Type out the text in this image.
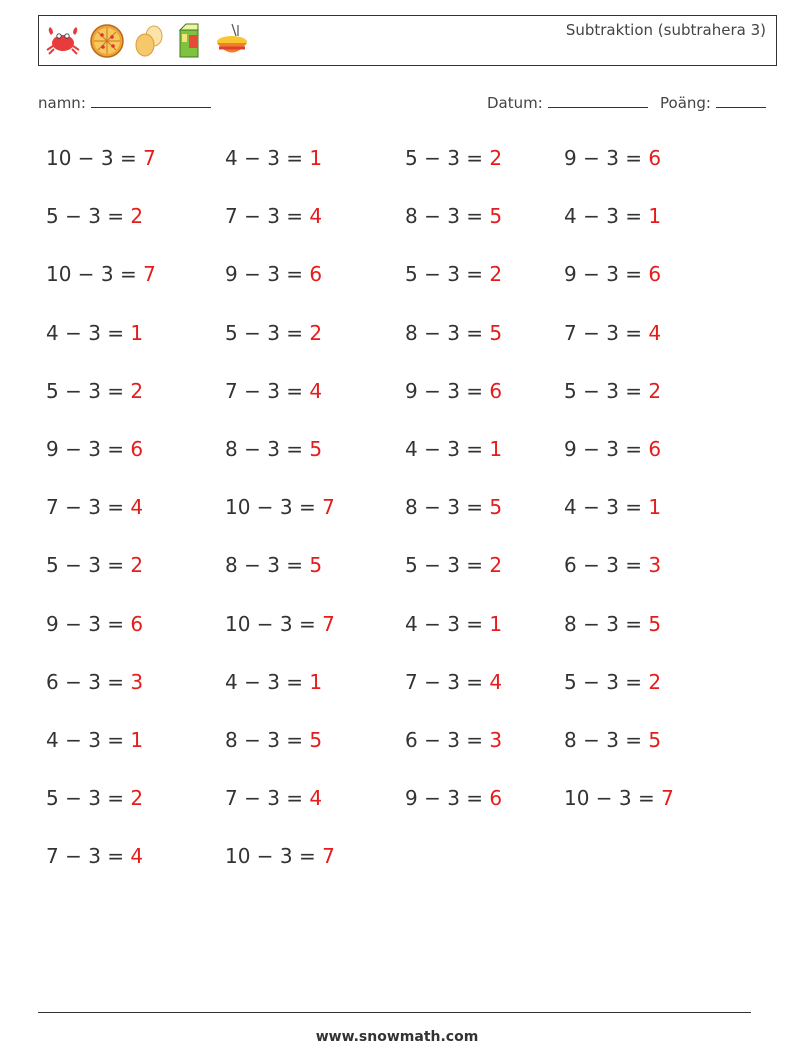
Subtraktion (subtrahera 3)
namn:	Datum:	Poäng:
10 − 3 = 7	4 − 3 = 1	5 − 3 = 2	9 − 3 = 6
5 − 3 = 2	7 − 3 = 4	8 − 3 = 5	4 − 3 = 1
10 − 3 = 7	9 − 3 = 6	5 − 3 = 2	9 − 3 = 6
4 − 3 = 1	5 − 3 = 2	8 − 3 = 5	7 − 3 = 4
5 − 3 = 2	7 − 3 = 4	9 − 3 = 6	5 − 3 = 2
9 − 3 = 6	8 − 3 = 5	4 − 3 = 1	9 − 3 = 6
7 − 3 = 4	10 − 3 = 7	8 − 3 = 5	4 − 3 = 1
5 − 3 = 2	8 − 3 = 5	5 − 3 = 2	6 − 3 = 3
9 − 3 = 6	10 − 3 = 7	4 − 3 = 1	8 − 3 = 5
6 − 3 = 3	4 − 3 = 1	7 − 3 = 4	5 − 3 = 2
4 − 3 = 1	8 − 3 = 5	6 − 3 = 3	8 − 3 = 5
5 − 3 = 2	7 − 3 = 4	9 − 3 = 6	10 − 3 = 7
7 − 3 = 4	10 − 3 = 7
www.snowmath.com
